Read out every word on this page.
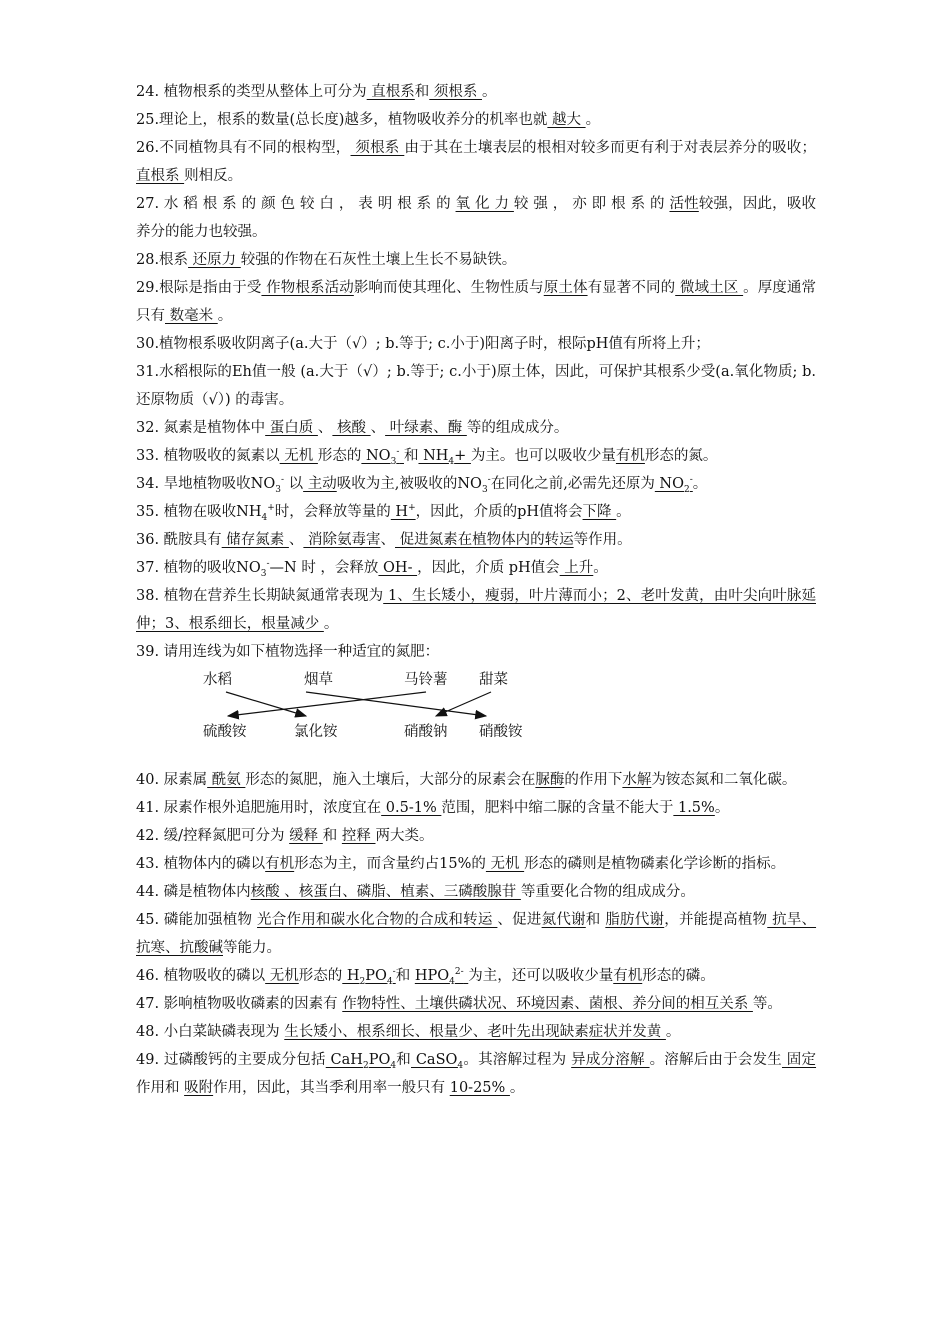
24. 植物根系的类型从整体上可分为 直根系和 须根系 。

25.理论上，根系的数量(总长度)越多，植物吸收养分的机率也就 越大 。

26.不同植物具有不同的根构型， 须根系 由于其在土壤表层的根相对较多而更有利于对表层养分的吸收； 直根系 则相反。

27. 水 稻 根 系 的 颜 色 较 白 ， 表 明 根 系 的 氧 化 力 较 强 ， 亦 即 根 系 的 活性较强，因此，吸收养分的能力也较强。

28.根系 还原力 较强的作物在石灰性土壤上生长不易缺铁。

29.根际是指由于受 作物根系活动影响而使其理化、生物性质与原土体有显著不同的 微域土区 。厚度通常只有 数毫米 。

30.植物根系吸收阴离子(a.大于（√）; b.等于; c.小于)阳离子时，根际pH值有所将上升；

31.水稻根际的Eh值一般 (a.大于（√）; b.等于; c.小于)原土体，因此，可保护其根系少受(a.氧化物质; b.还原物质（√）) 的毒害。

32. 氮素是植物体中 蛋白质 、 核酸 、 叶绿素、酶 等的组成成分。

33. 植物吸收的氮素以 无机 形态的 $NO_3^-$ 和 $NH_4+$ 为主。也可以吸收少量有机形态的氮。

34. 旱地植物吸收$NO_3^-$ 以 主动吸收为主,被吸收的$NO_3^-$在同化之前,必需先还原为 $NO_2^-$。

35. 植物在吸收$NH_4^+$时，会释放等量的 H+，因此，介质的pH值将会下降 。

36. 酰胺具有 储存氮素 、 消除氨毒害、 促进氮素在植物体内的转运等作用。

37. 植物的吸收$NO_3^-—N$ 时 ，会释放 OH- ，因此，介质 pH值会 上升。

38. 植物在营养生长期缺氮通常表现为 1、生长矮小，瘦弱，叶片薄而小；2、老叶发黄，由叶尖向叶脉延伸；3、根系细长，根量减少 。

39. 请用连线为如下植物选择一种适宜的氮肥：

水稻	烟草	马铃薯 甜菜
硫酸铵	氯化铵	硝酸钠 硝酸铵

40. 尿素属 酰氨 形态的氮肥，施入土壤后，大部分的尿素会在脲酶的作用下水解为铵态氮和二氧化碳。

41. 尿素作根外追肥施用时，浓度宜在 0.5-1% 范围，肥料中缩二脲的含量不能大于 1.5%。

42. 缓/控释氮肥可分为 缓释 和 控释 两大类。

43. 植物体内的磷以有机形态为主，而含量约占15%的 无机 形态的磷则是植物磷素化学诊断的指标。

44. 磷是植物体内核酸 、核蛋白、磷脂、植素、三磷酸腺苷 等重要化合物的组成成分。

45. 磷能加强植物 光合作用和碳水化合物的合成和转运 、促进氮代谢和 脂肪代谢，并能提高植物 抗旱、抗寒、抗酸碱等能力。

46. 植物吸收的磷以 无机形态的 $H_2PO_4^-$和 $HPO_4^{2-}$ 为主，还可以吸收少量有机形态的磷。

47. 影响植物吸收磷素的因素有 作物特性、土壤供磷状况、环境因素、菌根、养分间的相互关系 等。

48. 小白菜缺磷表现为 生长矮小、根系细长、根量少、老叶先出现缺素症状并发黄 。

49. 过磷酸钙的主要成分包括 $CaH_2PO_4$和 CaSO$_4$。其溶解过程为 异成分溶解 。溶解后由于会发生 固定 作用和 吸附作用，因此，其当季利用率一般只有 10-25% 。
